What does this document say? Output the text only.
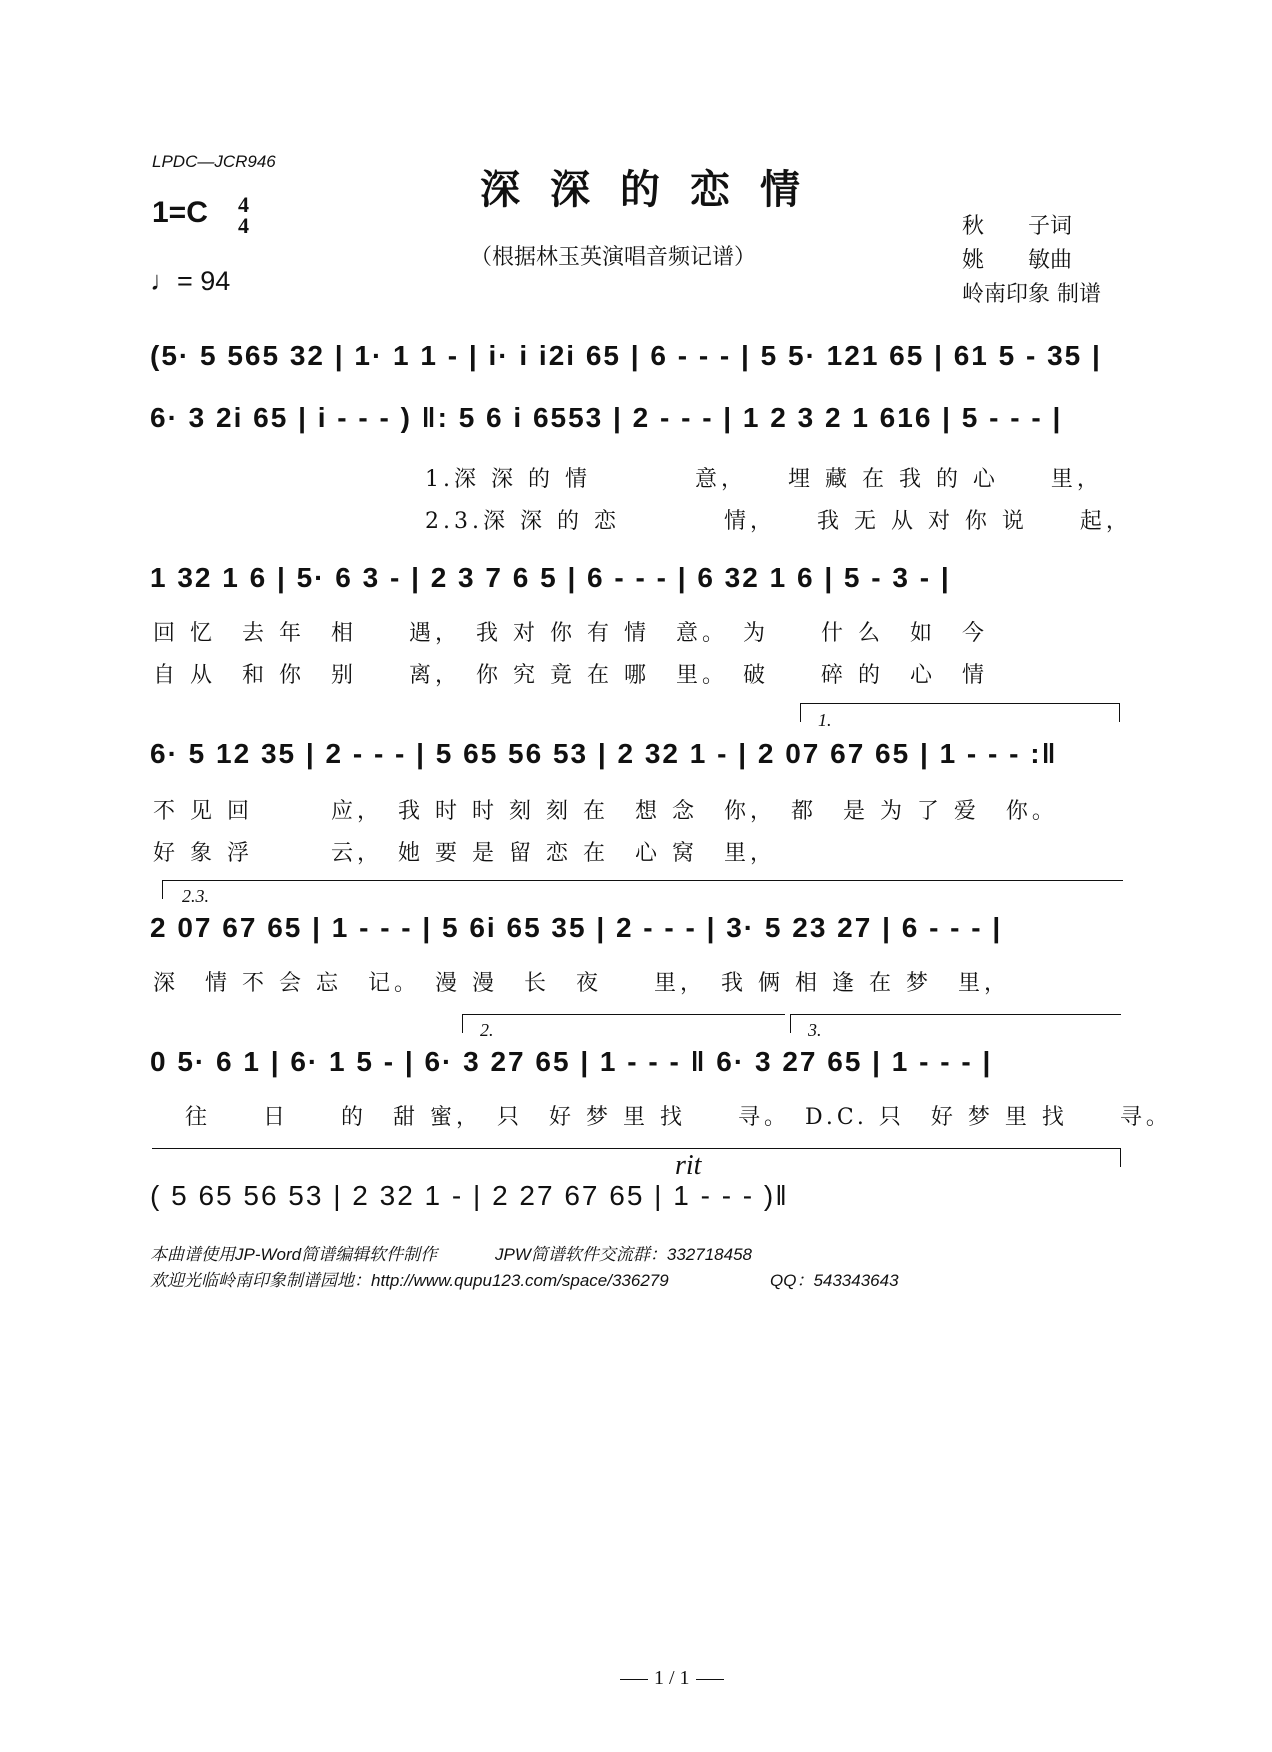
LPDC—JCR946
1=C 4
4
♩= 94
深深的恋情
（根据林玉英演唱音频记谱）
秋　　子词
姚　　敏曲
岭南印象 制谱
(5· 5 565 32 | 1· 1 1 - | i· i i2i 65 | 6 - - - | 5 5· 121 65 | 61 5 - 35 |
6· 3 2i 65 | i - - - ) ‖: 5 6 i 6553 | 2 - - - | 1 2 3 2 1 616 | 5 - - - |
1.深 深 的 情　　　　意，　　埋 藏 在 我 的 心　　里，
2.3.深 深 的 恋　　　　情，　　我 无 从 对 你 说　　起，
1 32 1 6 | 5· 6 3 - | 2 3 7 6 5 | 6 - - - | 6 32 1 6 | 5 - 3 - |
回 忆　去 年　相　　遇，　我 对 你 有 情　意。　为　　什 么　如　今
自 从　和 你　别　　离，　你 究 竟 在 哪　里。　破　　碎 的　心　情
1.
6· 5 12 35 | 2 - - - | 5 65 56 53 | 2 32 1 - | 2 07 67 65 | 1 - - - :‖
不 见 回　　　应，　我 时 时 刻 刻 在　想 念　你，　都　是 为 了 爱　你。
好 象 浮　　　云，　她 要 是 留 恋 在　心 窝　里，
2.3.
2 07 67 65 | 1 - - - | 5 6i 65 35 | 2 - - - | 3· 5 23 27 | 6 - - - |
深　情 不 会 忘　记。　漫 漫　长　夜　　里，　我 俩 相 逢 在 梦　里，
2.	3.
0 5· 6 1 | 6· 1 5 - | 6· 3 27 65 | 1 - - - ‖ 6· 3 27 65 | 1 - - - |
往　　日　　的　甜 蜜，　只　好 梦 里 找　　寻。　D.C. 只　好 梦 里 找　　寻。
rit
( 5 65 56 53 | 2 32 1 - | 2 27 67 65 | 1 - - - )‖
本曲谱使用JP-Word简谱编辑软件制作	JPW简谱软件交流群：332718458
欢迎光临岭南印象制谱园地：http://www.qupu123.com/space/336279	QQ：543343643
1 / 1
